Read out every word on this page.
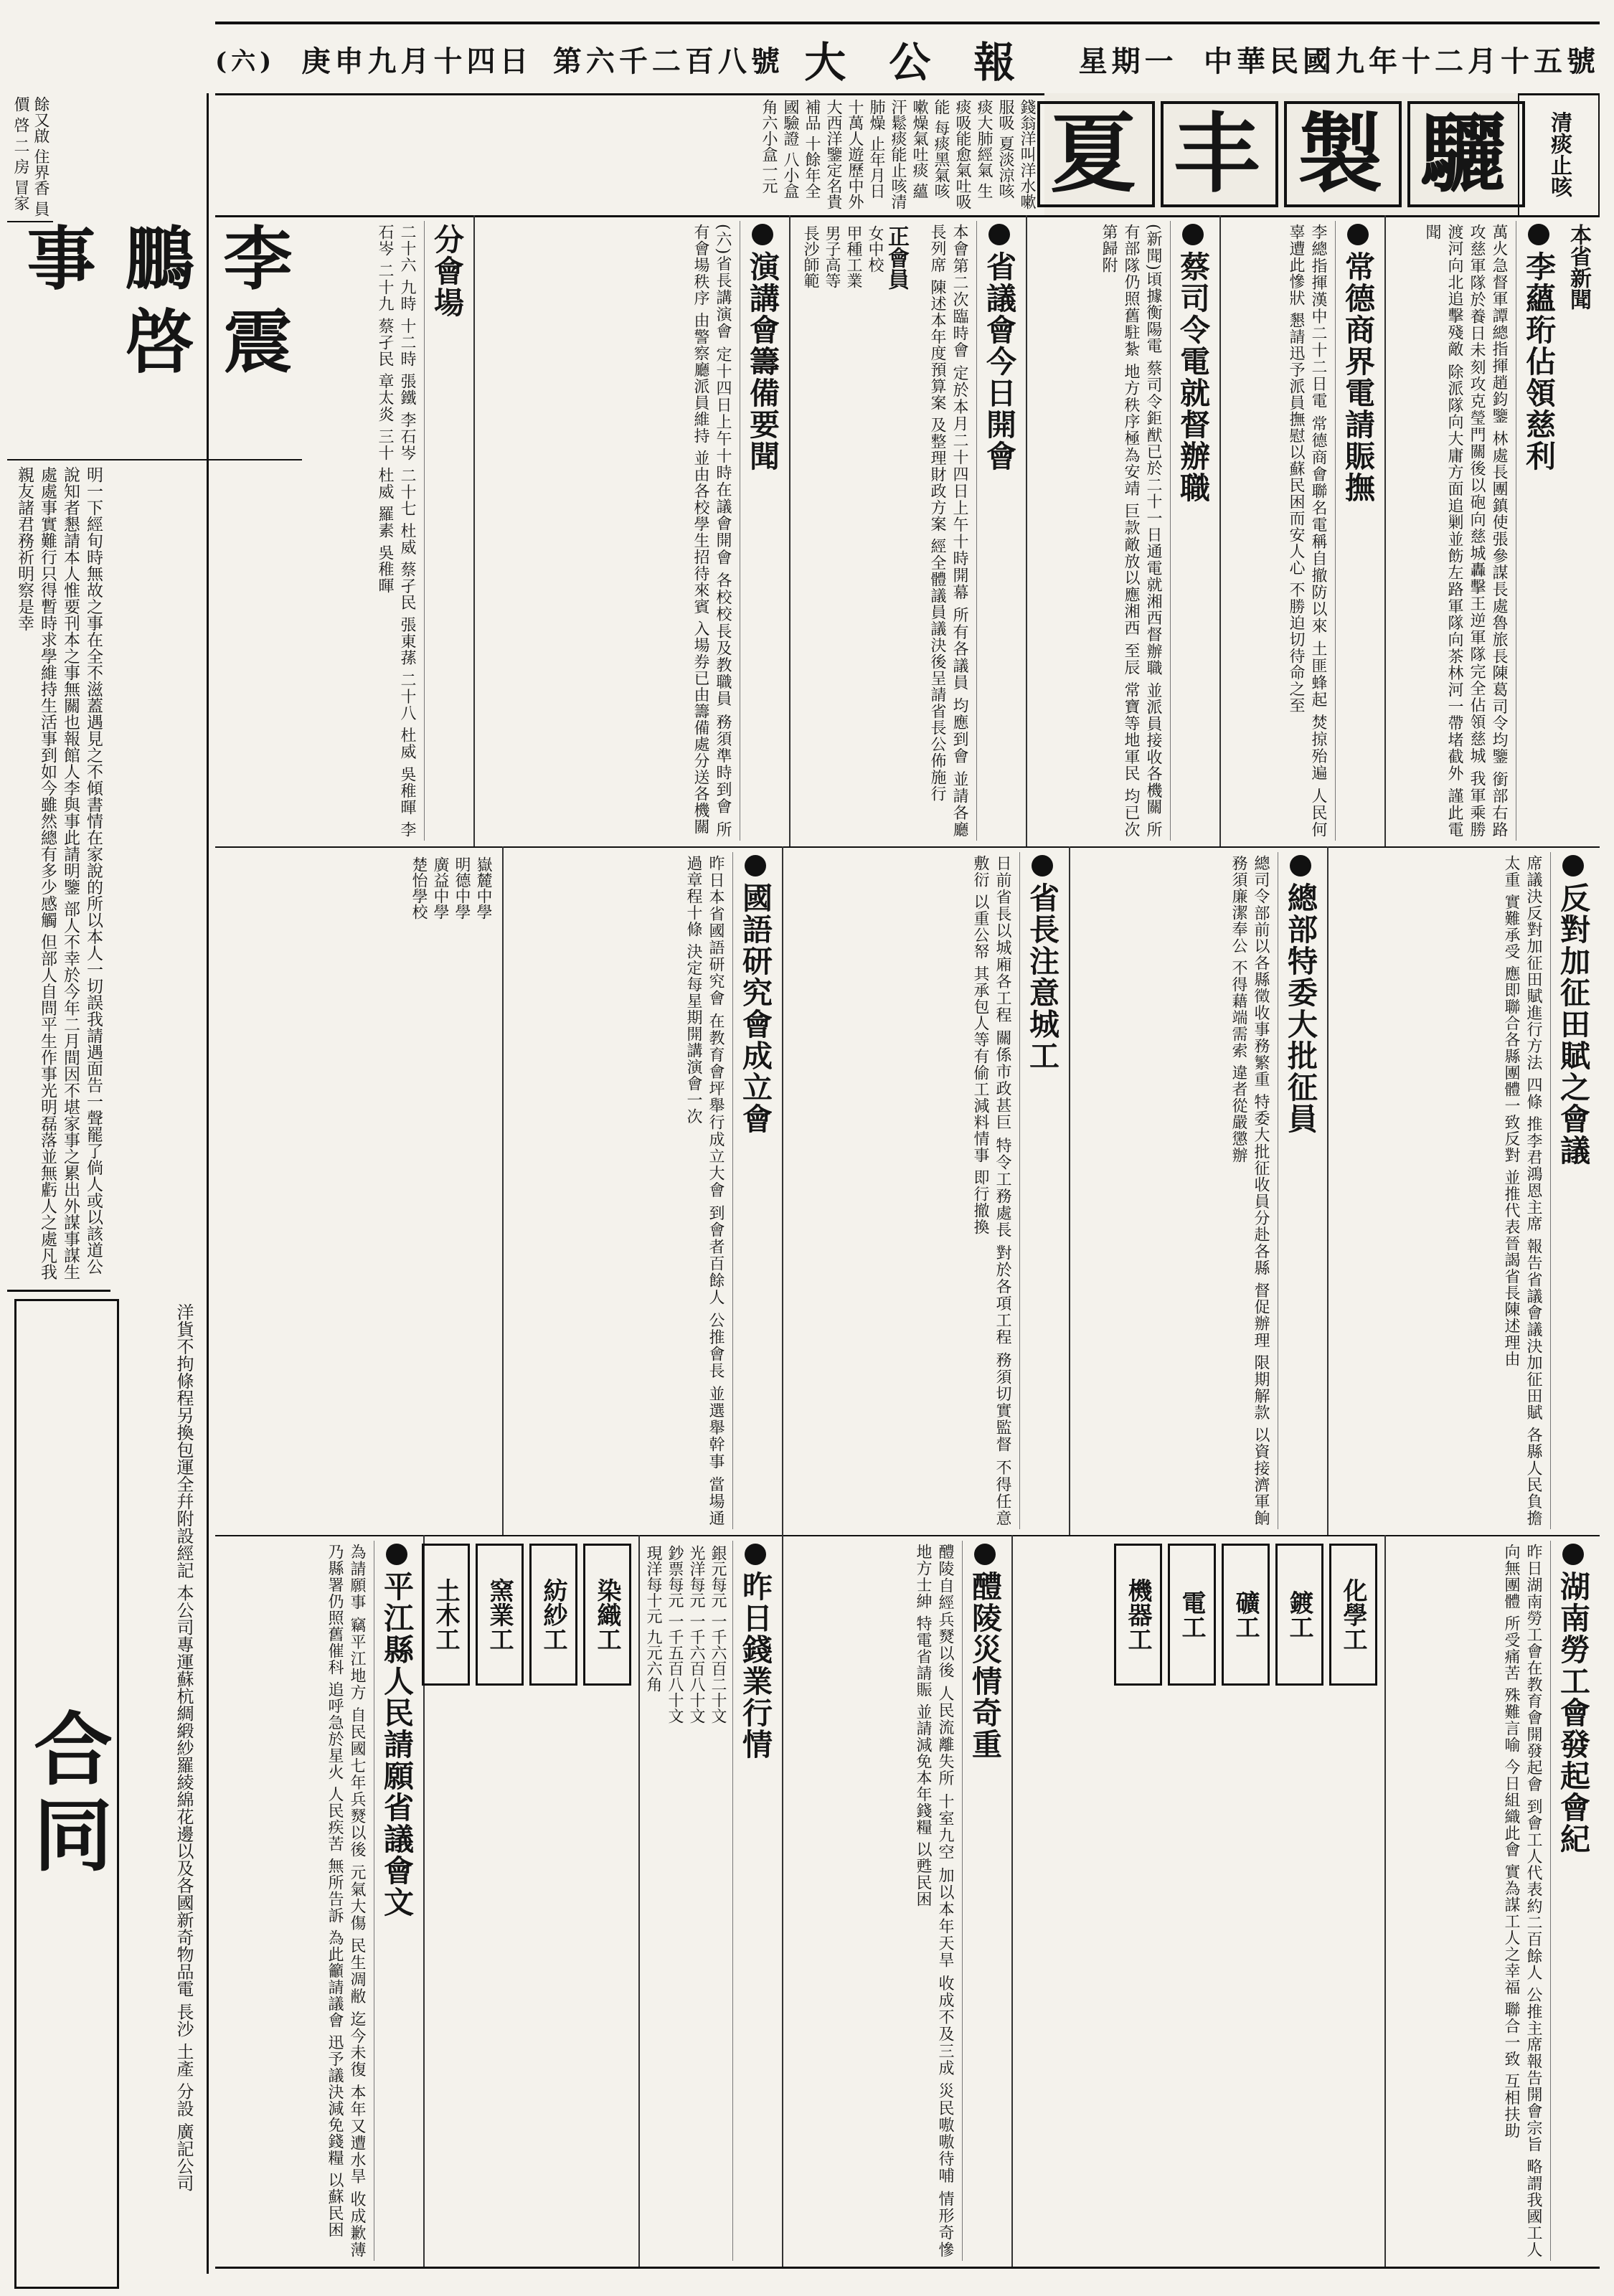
(六) 庚申九月十四日 第六千二百八號 大公報 星期一 中華民國九年十二月十五號
錢翁洋叫洋水嗽服吸 夏淡涼咳痰大肺經氣 生痰吸能愈氣吐吸能 每痰黑氣咳嗽燥氣吐痰 蘊汗鬆痰能止咳清肺燥 止年月日十萬人遊歷中外 大西洋鑒定名貴補品 十餘年全國驗證 八小盒角六小盒一元	夏 丰 製 驪	清痰止咳
餘又啟 住界香 員 價 啓 二 房 冒家
李震鵬啓事
明一下經旬時無故之事在全不滋蓋遇見之不傾書情在家說的所以本人一切誤我請遇面告一聲罷了倘人或以該道公說知者懇請本人惟要刊本之事無關也報館人李與事此請明鑒 部人不幸於今年二月間因不堪家事之累出外謀事謀生處處事實難行只得暫時求學維持生活事到如今雖然總有多少感觸 但部人自問平生作事光明磊落並無虧人之處凡我親友諸君務祈明察是幸
洋貨不拘條程另換包運全幷附設經記 本公司專運蘇杭綢緞紗羅綾綿花邊以及各國新奇物品電 長沙 土產 分設 廣記公司
合同
本省新聞
李蘊珩佔領慈利
萬火急督軍譚總指揮趙鈞鑒 林處長團鎮使張參謀長處魯旅長陳葛司令均鑒 銜部右路攻慈軍隊於養日未刻攻克瑩門關後以砲向慈城轟擊王逆軍隊完全佔領慈城 我軍乘勝渡河向北追擊殘敵 除派隊向大庸方面追剿並飭左路軍隊向茶林河一帶堵截外 謹此電聞
常德商界電請賑撫
李總指揮漢中二十二日電 常德商會聯名電稱自撤防以來 土匪蜂起 焚掠殆遍 人民何辜遭此慘狀 懇請迅予派員撫慰以蘇民困而安人心 不勝迫切待命之至
蔡司令電就督辦職
(新聞)頃據衡陽電 蔡司令鉅猷已於二十一日通電就湘西督辦職 並派員接收各機關 所有部隊仍照舊駐紮 地方秩序極為安靖 巨款敵放以應湘西 至辰 常寶等地軍民 均已次第歸附
省議會今日開會
本會第二次臨時會 定於本月二十四日上午十時開幕 所有各議員 均應到會 並請各廳長列席 陳述本年度預算案 及整理財政方案 經全體議員議決後呈請省長公佈施行
正會員
女中校
甲種工業
男子高等
長沙師範
演講會籌備要聞
(六)省長講演會 定十四日上午十時在議會開會 各校校長及教職員 務須準時到會 所有會場秩序 由警察廳派員維持 並由各校學生招待來賓 入場券已由籌備處分送各機關
分會場
二十六 九時 十二時 張鐵 李石岑 二十七 杜威 蔡孑民 張東蓀 二十八 杜威 吳稚暉 李石岑 二十九 蔡孑民 章太炎 三十 杜威 羅素 吳稚暉
反對加征田賦之會議
席議決反對加征田賦進行方法 四條 推李君鴻恩主席 報告省議會議決加征田賦 各縣人民負擔太重 實難承受 應即聯合各縣團體一致反對 並推代表晉謁省長陳述理由
總部特委大批征員
總司令部前以各縣徵收事務繁重 特委大批征收員分赴各縣 督促辦理 限期解款 以資接濟軍餉 務須廉潔奉公 不得藉端需索 違者從嚴懲辦
省長注意城工
日前省長以城廂各工程 關係市政甚巨 特令工務處長 對於各項工程 務須切實監督 不得任意敷衍 以重公帑 其承包人等有偷工減料情事 即行撤換
國語研究會成立會
昨日本省國語研究會 在教育會坪舉行成立大會 到會者百餘人 公推會長 並選舉幹事 當場通過章程十條 決定每星期開講演會一次
嶽麓中學
明德中學
廣益中學
楚怡學校
湖南勞工會發起會紀
昨日湖南勞工會在教育會開發起會 到會工人代表約二百餘人 公推主席報告開會宗旨 略謂我國工人向無團體 所受痛苦 殊難言喻 今日組織此會 實為謀工人之幸福 聯合一致 互相扶助
化學工
鍍工
礦工
電工
機器工
醴陵災情奇重
醴陵自經兵燹以後 人民流離失所 十室九空 加以本年天旱 收成不及三成 災民嗷嗷待哺 情形奇慘 地方士紳 特電省請賑 並請減免本年錢糧 以甦民困
昨日錢業行情
銀元每元 一千六百二十文
光洋每元 一千六百八十文
鈔票每元 一千五百八十文
現洋每十元 九元六角
染織工
紡紗工
窯業工
土木工
平江縣人民請願省議會文
為請願事 竊平江地方 自民國七年兵燹以後 元氣大傷 民生凋敝 迄今未復 本年又遭水旱 收成歉薄 乃縣署仍照舊催科 追呼急於星火 人民疾苦 無所告訴 為此籲請議會 迅予議決減免錢糧 以蘇民困
